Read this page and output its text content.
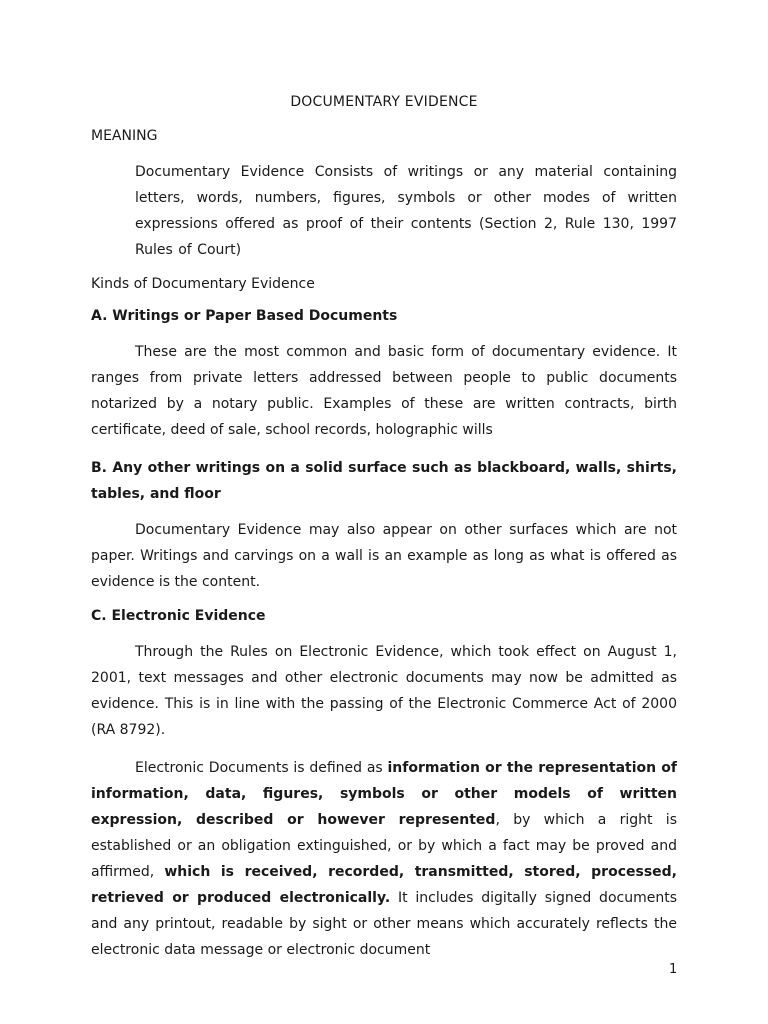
DOCUMENTARY EVIDENCE
MEANING

Documentary Evidence Consists of writings or any material containing letters, words, numbers, figures, symbols or other modes of written expressions offered as proof of their contents (Section 2, Rule 130, 1997 Rules of Court)

Kinds of Documentary Evidence
A. Writings or Paper Based Documents

These are the most common and basic form of documentary evidence. It ranges from private letters addressed between people to public documents notarized by a notary public. Examples of these are written contracts, birth certificate, deed of sale, school records, holographic wills

B. Any other writings on a solid surface such as blackboard, walls, shirts, tables, and floor

Documentary Evidence may also appear on other surfaces which are not paper. Writings and carvings on a wall is an example as long as what is offered as evidence is the content.

C. Electronic Evidence

Through the Rules on Electronic Evidence, which took effect on August 1, 2001, text messages and other electronic documents may now be admitted as evidence. This is in line with the passing of the Electronic Commerce Act of 2000 (RA 8792).

Electronic Documents is defined as information or the representation of information, data, figures, symbols or other models of written expression, described or however represented, by which a right is established or an obligation extinguished, or by which a fact may be proved and affirmed, which is received, recorded, transmitted, stored, processed, retrieved or produced electronically. It includes digitally signed documents and any printout, readable by sight or other means which accurately reflects the electronic data message or electronic document

1
